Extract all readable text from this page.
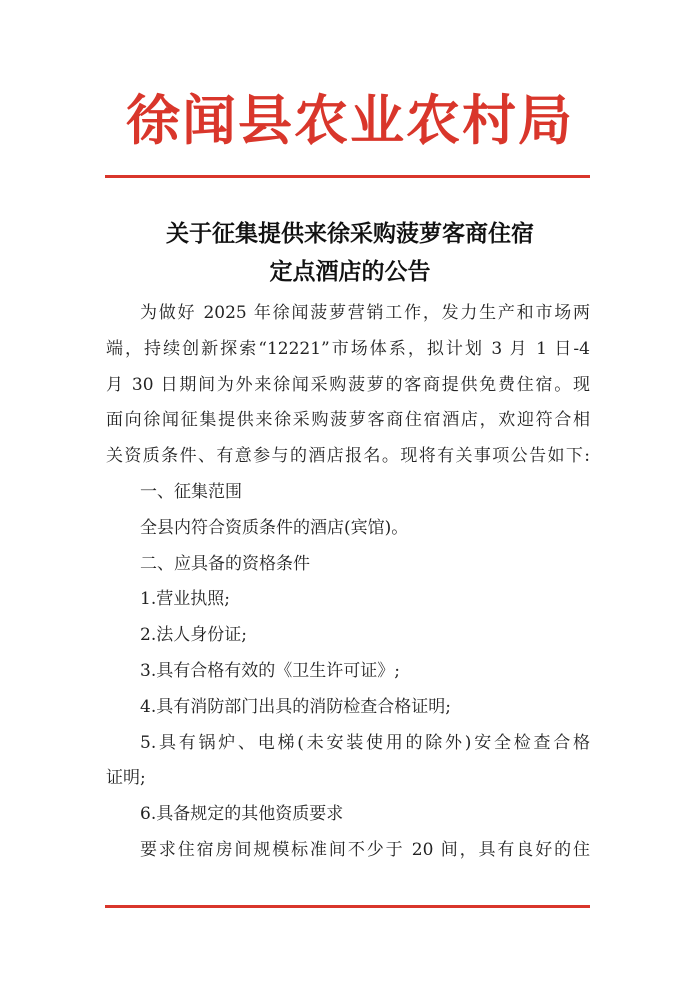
徐闻县农业农村局
关于征集提供来徐采购菠萝客商住宿
定点酒店的公告
为做好 2025 年徐闻菠萝营销工作，发力生产和市场两
端，持续创新探索“12221”市场体系，拟计划 3 月 1 日-4
月 30 日期间为外来徐闻采购菠萝的客商提供免费住宿。现
面向徐闻征集提供来徐采购菠萝客商住宿酒店，欢迎符合相
关资质条件、有意参与的酒店报名。现将有关事项公告如下:
一、征集范围
全县内符合资质条件的酒店(宾馆)。
二、应具备的资格条件
1.营业执照;
2.法人身份证;
3.具有合格有效的《卫生许可证》;
4.具有消防部门出具的消防检查合格证明;
5.具有锅炉、电梯(未安装使用的除外)安全检查合格
证明;
6.具备规定的其他资质要求
要求住宿房间规模标准间不少于 20 间，具有良好的住
